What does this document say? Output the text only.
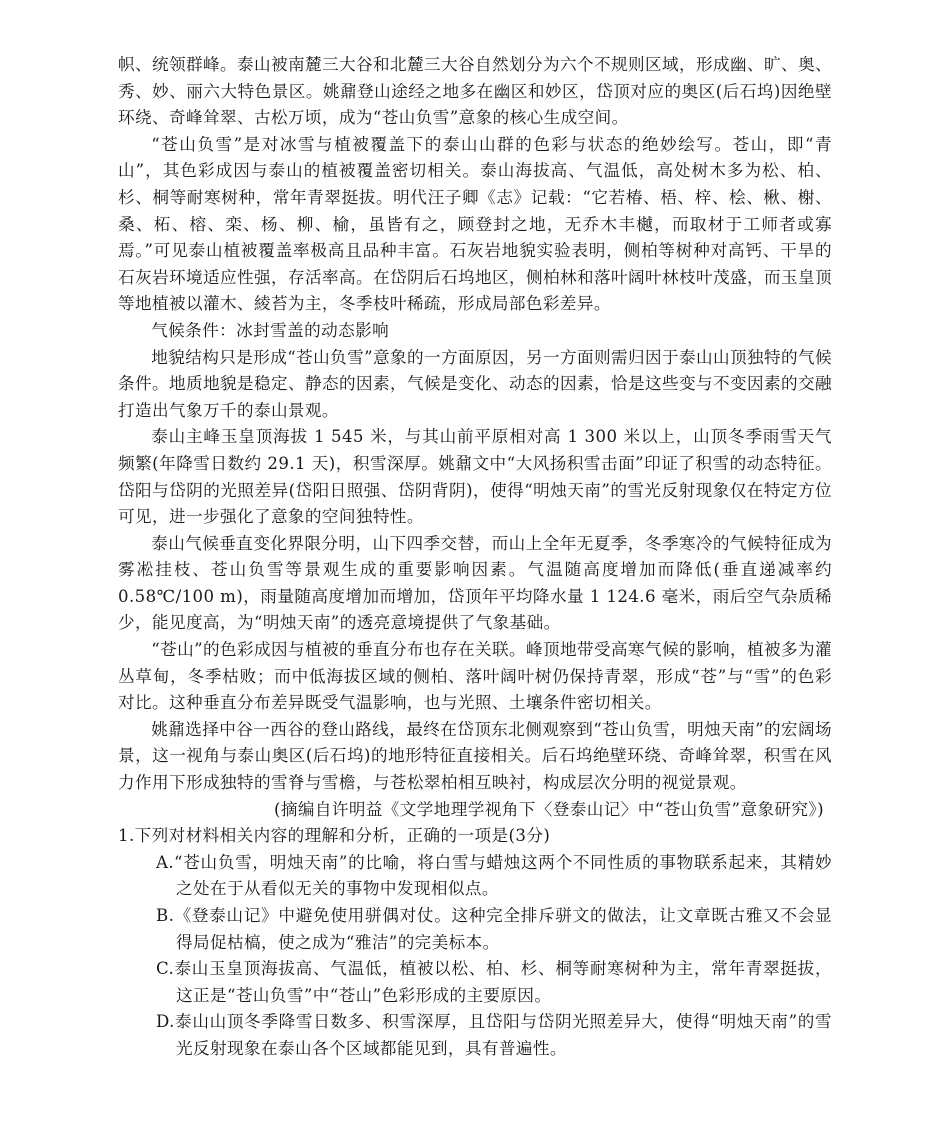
帜、统领群峰。泰山被南麓三大谷和北麓三大谷自然划分为六个不规则区域，形成幽、旷、奥、秀、妙、丽六大特色景区。姚鼐登山途经之地多在幽区和妙区，岱顶对应的奥区(后石坞)因绝壁环绕、奇峰耸翠、古松万顷，成为“苍山负雪”意象的核心生成空间。

“苍山负雪”是对冰雪与植被覆盖下的泰山山群的色彩与状态的绝妙绘写。苍山，即“青山”，其色彩成因与泰山的植被覆盖密切相关。泰山海拔高、气温低，高处树木多为松、柏、杉、桐等耐寒树种，常年青翠挺拔。明代汪子卿《志》记载：“它若椿、梧、梓、桧、楸、榭、桑、柘、榕、栾、杨、柳、榆，虽皆有之，顾登封之地，无乔木丰樾，而取材于工师者或寡焉。”可见泰山植被覆盖率极高且品种丰富。石灰岩地貌实验表明，侧柏等树种对高钙、干旱的石灰岩环境适应性强，存活率高。在岱阴后石坞地区，侧柏林和落叶阔叶林枝叶茂盛，而玉皇顶等地植被以灌木、綾苔为主，冬季枝叶稀疏，形成局部色彩差异。

气候条件：冰封雪盖的动态影响

地貌结构只是形成“苍山负雪”意象的一方面原因，另一方面则需归因于泰山山顶独特的气候条件。地质地貌是稳定、静态的因素，气候是变化、动态的因素，恰是这些变与不变因素的交融打造出气象万千的泰山景观。

泰山主峰玉皇顶海拔 1 545 米，与其山前平原相对高 1 300 米以上，山顶冬季雨雪天气频繁(年降雪日数约 29.1 天)，积雪深厚。姚鼐文中“大风扬积雪击面”印证了积雪的动态特征。岱阳与岱阴的光照差异(岱阳日照强、岱阴背阴)，使得“明烛天南”的雪光反射现象仅在特定方位可见，进一步强化了意象的空间独特性。

泰山气候垂直变化界限分明，山下四季交替，而山上全年无夏季，冬季寒冷的气候特征成为雾凇挂枝、苍山负雪等景观生成的重要影响因素。气温随高度增加而降低(垂直递减率约 0.58℃/100 m)，雨量随高度增加而增加，岱顶年平均降水量 1 124.6 毫米，雨后空气杂质稀少，能见度高，为“明烛天南”的透亮意境提供了气象基础。

“苍山”的色彩成因与植被的垂直分布也存在关联。峰顶地带受高寒气候的影响，植被多为灌丛草甸，冬季枯败；而中低海拔区域的侧柏、落叶阔叶树仍保持青翠，形成“苍”与“雪”的色彩对比。这种垂直分布差异既受气温影响，也与光照、土壤条件密切相关。

姚鼐选择中谷一西谷的登山路线，最终在岱顶东北侧观察到“苍山负雪，明烛天南”的宏阔场景，这一视角与泰山奥区(后石坞)的地形特征直接相关。后石坞绝壁环绕、奇峰耸翠，积雪在风力作用下形成独特的雪脊与雪檐，与苍松翠柏相互映衬，构成层次分明的视觉景观。

(摘编自许明益《文学地理学视角下〈登泰山记〉中“苍山负雪”意象研究》)

1.下列对材料相关内容的理解和分析，正确的一项是(3分)

A.“苍山负雪，明烛天南”的比喻，将白雪与蜡烛这两个不同性质的事物联系起来，其精妙之处在于从看似无关的事物中发现相似点。

B.《登泰山记》中避免使用骈偶对仗。这种完全排斥骈文的做法，让文章既古雅又不会显得局促枯槁，使之成为“雅洁”的完美标本。

C.泰山玉皇顶海拔高、气温低，植被以松、柏、杉、桐等耐寒树种为主，常年青翠挺拔，这正是“苍山负雪”中“苍山”色彩形成的主要原因。

D.泰山山顶冬季降雪日数多、积雪深厚，且岱阳与岱阴光照差异大，使得“明烛天南”的雪光反射现象在泰山各个区域都能见到，具有普遍性。
